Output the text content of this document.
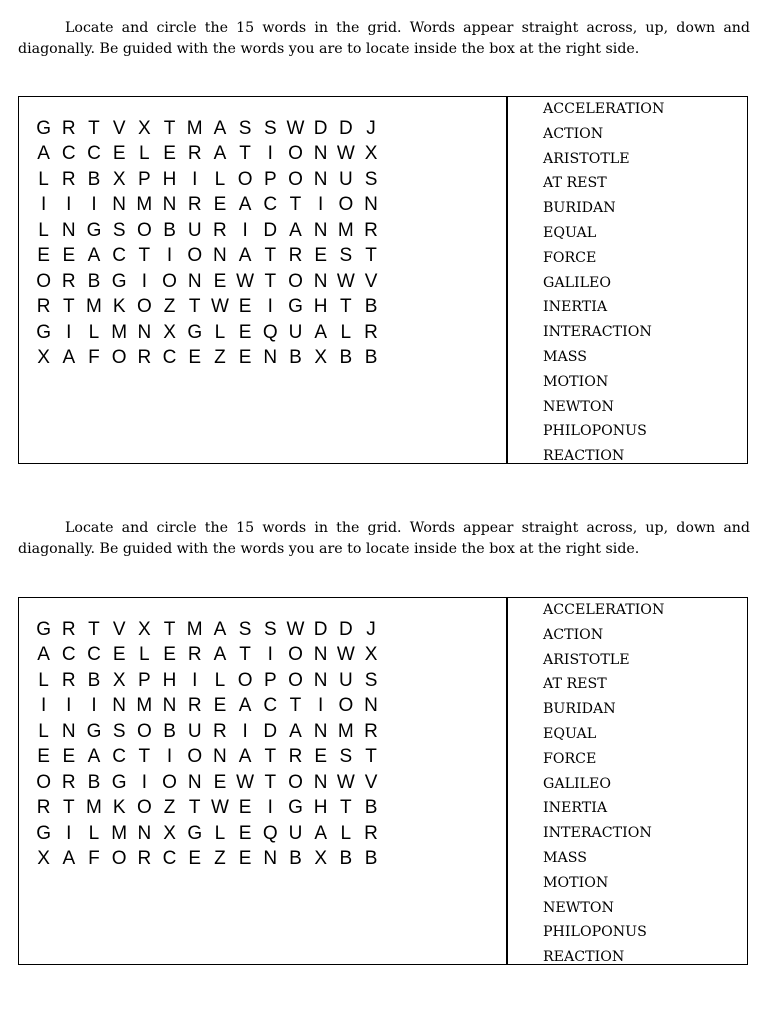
Locate and circle the 15 words in the grid. Words appear straight across, up, down and diagonally. Be guided with the words you are to locate inside the box at the right side.

G R T V X T M A S S W D D J
A C C E L E R A T I O N W X
L R B X P H I L O P O N U S
I	I	I N M N R E A C T I O N
L N G S O B U R I D A N M R
E E A C T I O N A T R E S T
O R B G I O N E W T O N W V
R T M K O Z T W E I G H T B
G I L M N X G L E Q U A L R
X A F O R C E Z E N B X B B
ACCELERATION
ACTION
ARISTOTLE
AT REST
BURIDAN
EQUAL
FORCE
GALILEO
INERTIA
INTERACTION
MASS
MOTION
NEWTON
PHILOPONUS
REACTION

Locate and circle the 15 words in the grid. Words appear straight across, up, down and diagonally. Be guided with the words you are to locate inside the box at the right side.

G R T V X T M A S S W D D J
A C C E L E R A T I O N W X
L R B X P H I L O P O N U S
I	I	I N M N R E A C T I O N
L N G S O B U R I D A N M R
E E A C T I O N A T R E S T
O R B G I O N E W T O N W V
R T M K O Z T W E I G H T B
G I L M N X G L E Q U A L R
X A F O R C E Z E N B X B B
ACCELERATION
ACTION
ARISTOTLE
AT REST
BURIDAN
EQUAL
FORCE
GALILEO
INERTIA
INTERACTION
MASS
MOTION
NEWTON
PHILOPONUS
REACTION
